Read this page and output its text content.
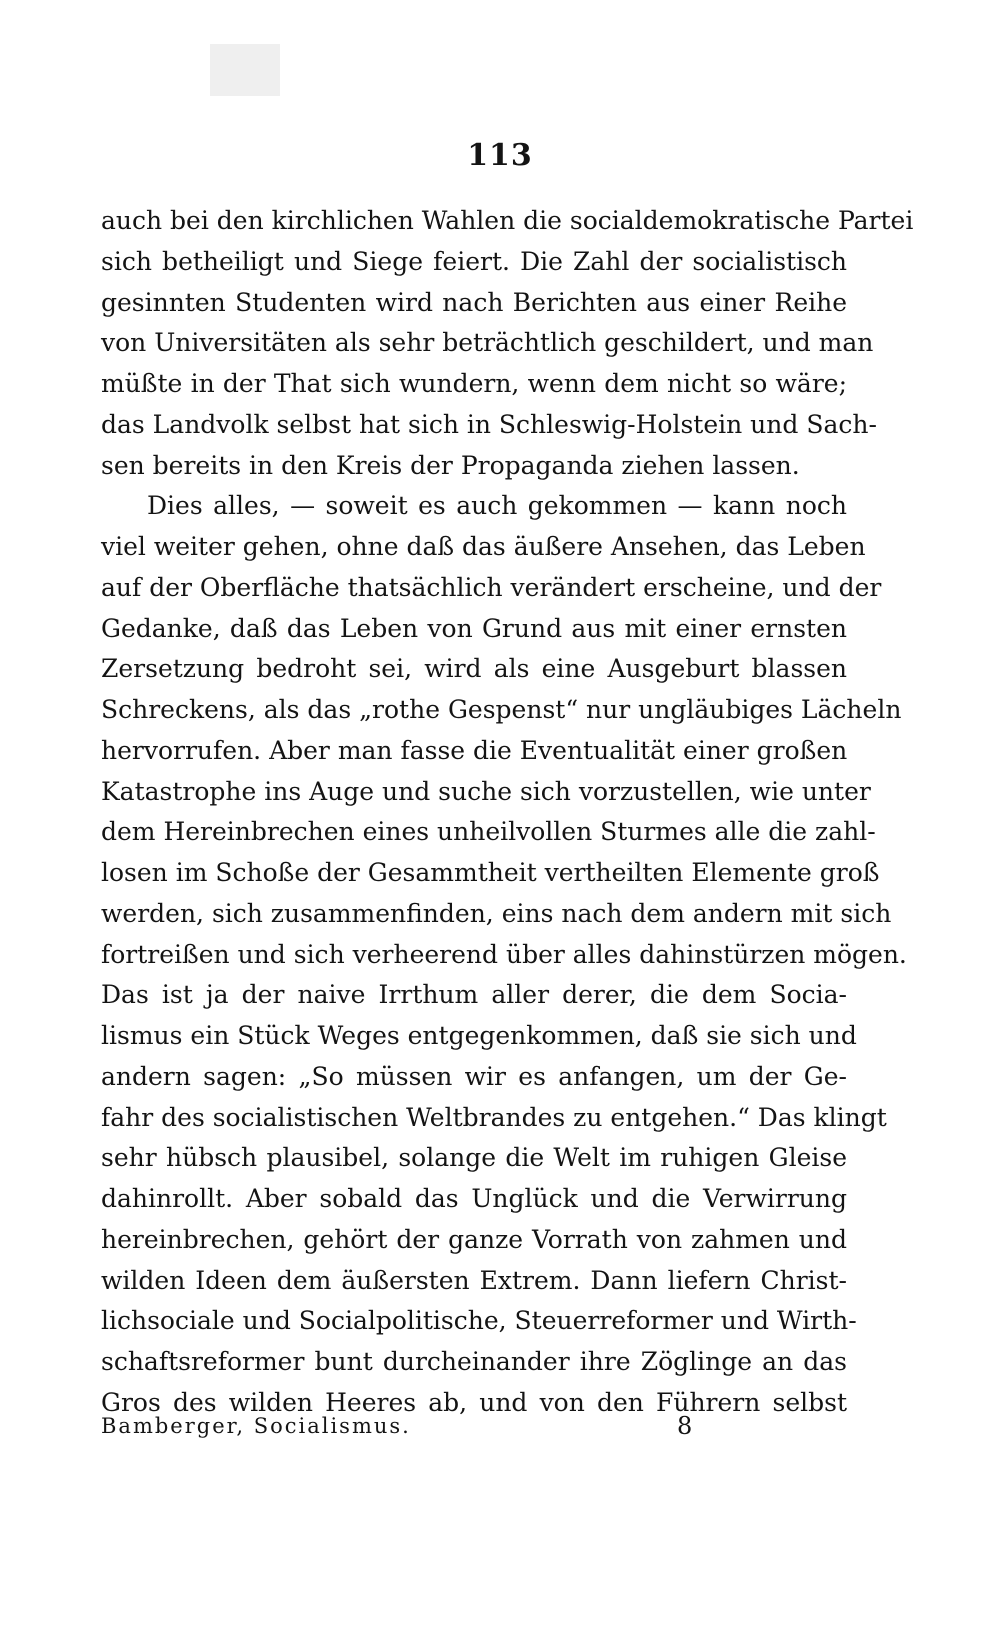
113
auch bei den kirchlichen Wahlen die socialdemokratische Partei
sich betheiligt und Siege feiert. Die Zahl der socialistisch
gesinnten Studenten wird nach Berichten aus einer Reihe
von Universitäten als sehr beträchtlich geschildert, und man
müßte in der That sich wundern, wenn dem nicht so wäre;
das Landvolk selbst hat sich in Schleswig-Holstein und Sach-
sen bereits in den Kreis der Propaganda ziehen lassen.
Dies alles, — soweit es auch gekommen — kann noch
viel weiter gehen, ohne daß das äußere Ansehen, das Leben
auf der Oberfläche thatsächlich verändert erscheine, und der
Gedanke, daß das Leben von Grund aus mit einer ernsten
Zersetzung bedroht sei, wird als eine Ausgeburt blassen
Schreckens, als das „rothe Gespenst“ nur ungläubiges Lächeln
hervorrufen. Aber man fasse die Eventualität einer großen
Katastrophe ins Auge und suche sich vorzustellen, wie unter
dem Hereinbrechen eines unheilvollen Sturmes alle die zahl-
losen im Schoße der Gesammtheit vertheilten Elemente groß
werden, sich zusammenfinden, eins nach dem andern mit sich
fortreißen und sich verheerend über alles dahinstürzen mögen.
Das ist ja der naive Irrthum aller derer, die dem Socia-
lismus ein Stück Weges entgegenkommen, daß sie sich und
andern sagen: „So müssen wir es anfangen, um der Ge-
fahr des socialistischen Weltbrandes zu entgehen.“ Das klingt
sehr hübsch plausibel, solange die Welt im ruhigen Gleise
dahinrollt. Aber sobald das Unglück und die Verwirrung
hereinbrechen, gehört der ganze Vorrath von zahmen und
wilden Ideen dem äußersten Extrem. Dann liefern Christ-
lichsociale und Socialpolitische, Steuerreformer und Wirth-
schaftsreformer bunt durcheinander ihre Zöglinge an das
Gros des wilden Heeres ab, und von den Führern selbst
Bamberger, Socialismus.	8
